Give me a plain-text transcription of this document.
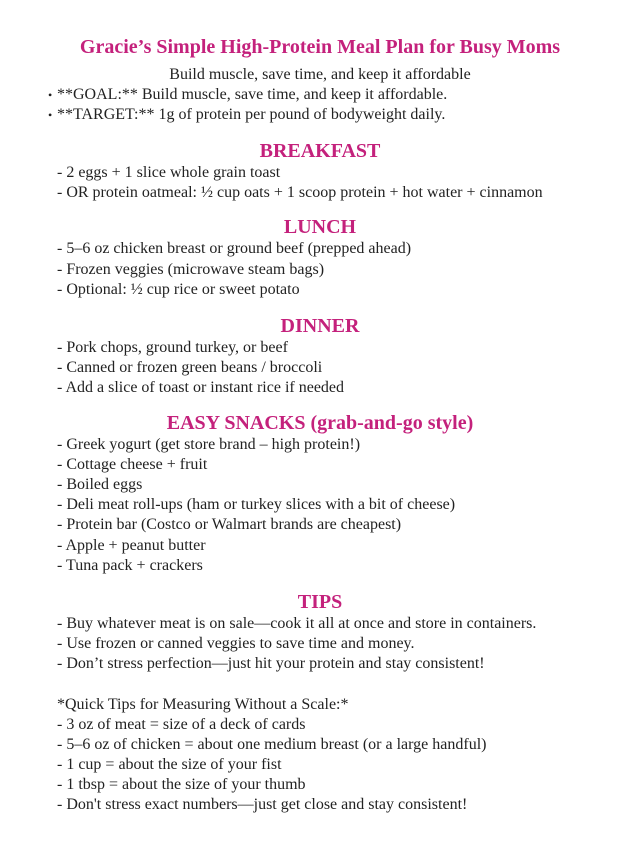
Gracie’s Simple High-Protein Meal Plan for Busy Moms
Build muscle, save time, and keep it affordable
• **GOAL:** Build muscle, save time, and keep it affordable.
• **TARGET:** 1g of protein per pound of bodyweight daily.
BREAKFAST
- 2 eggs + 1 slice whole grain toast
- OR protein oatmeal: ½ cup oats + 1 scoop protein + hot water + cinnamon
LUNCH
- 5–6 oz chicken breast or ground beef (prepped ahead)
- Frozen veggies (microwave steam bags)
- Optional: ½ cup rice or sweet potato
DINNER
- Pork chops, ground turkey, or beef
- Canned or frozen green beans / broccoli
- Add a slice of toast or instant rice if needed
EASY SNACKS (grab-and-go style)
- Greek yogurt (get store brand – high protein!)
- Cottage cheese + fruit
- Boiled eggs
- Deli meat roll-ups (ham or turkey slices with a bit of cheese)
- Protein bar (Costco or Walmart brands are cheapest)
- Apple + peanut butter
- Tuna pack + crackers
TIPS
- Buy whatever meat is on sale—cook it all at once and store in containers.
- Use frozen or canned veggies to save time and money.
- Don’t stress perfection—just hit your protein and stay consistent!
*Quick Tips for Measuring Without a Scale:*
- 3 oz of meat = size of a deck of cards
- 5–6 oz of chicken = about one medium breast (or a large handful)
- 1 cup = about the size of your fist
- 1 tbsp = about the size of your thumb
- Don't stress exact numbers—just get close and stay consistent!
